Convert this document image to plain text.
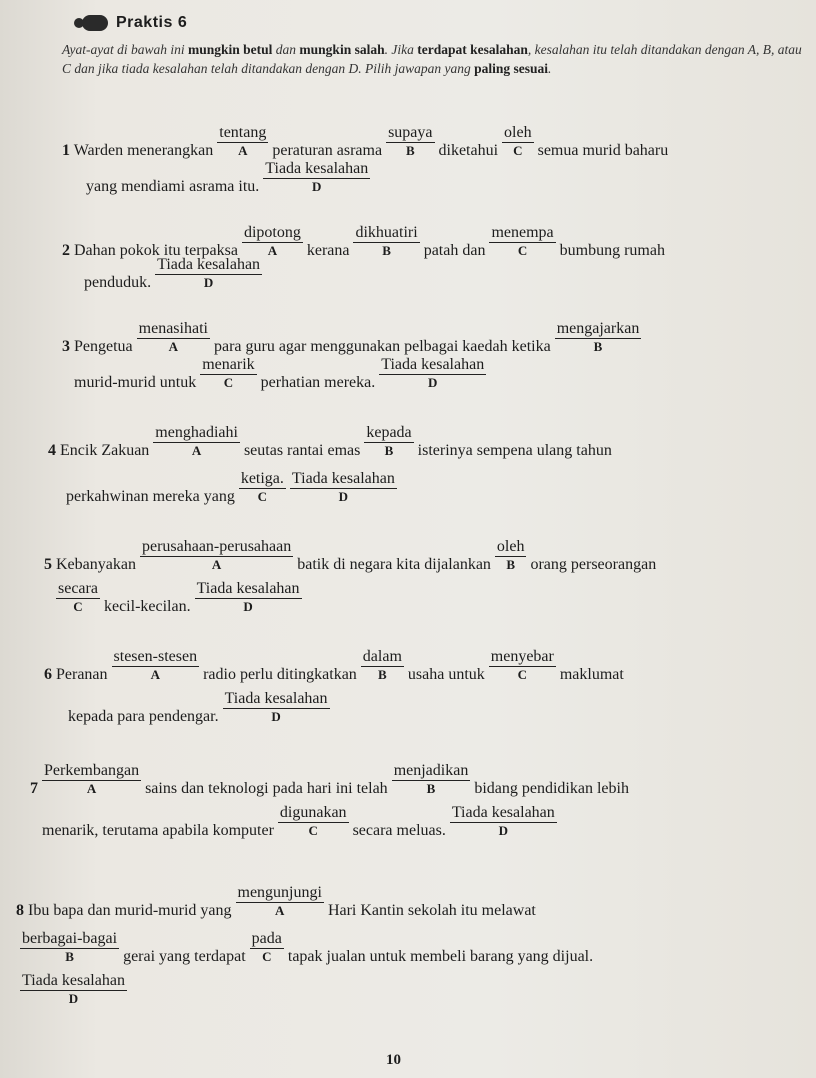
Praktis 6
Ayat-ayat di bawah ini mungkin betul dan mungkin salah. Jika terdapat kesalahan, kesalahan itu telah ditandakan dengan A, B, atau C dan jika tiada kesalahan telah ditandakan dengan D. Pilih jawapan yang paling sesuai.
1 Warden menerangkan
tentang
A	peraturan asrama
supaya
B	diketahui
oleh
C semua murid baharu
yang mendiami asrama itu.
Tiada kesalahan
D
2 Dahan pokok itu terpaksa
dipotong
A	kerana
dikhuatiri
B	patah dan
menempa
C	bumbung rumah
penduduk.
Tiada kesalahan
D
3 Pengetua
menasihati
A	para guru agar menggunakan pelbagai kaedah ketika
mengajarkan
B
murid-murid untuk
menarik
C	perhatian mereka.
Tiada kesalahan
D
4 Encik Zakuan
menghadiahi
A	seutas rantai emas
kepada
B	isterinya sempena ulang tahun
perkahwinan mereka yang
ketiga.
C

Tiada kesalahan
D
5 Kebanyakan
perusahaan-perusahaan
A	batik di negara kita dijalankan
oleh
B orang perseorangan
secara
C	kecil-kecilan.
Tiada kesalahan
D
6 Peranan
stesen-stesen
A	radio perlu ditingkatkan
dalam
B	usaha untuk
menyebar
C	maklumat
kepada para pendengar.
Tiada kesalahan
D
7
Perkembangan
A	sains dan teknologi pada hari ini telah
menjadikan
B	bidang pendidikan lebih
menarik, terutama apabila komputer
digunakan
C	secara meluas.
Tiada kesalahan
D
8 Ibu bapa dan murid-murid yang
mengunjungi
A	Hari Kantin sekolah itu melawat
berbagai-bagai
B	gerai yang terdapat
pada
C	tapak jualan untuk membeli barang yang dijual.
Tiada kesalahan
D
10
